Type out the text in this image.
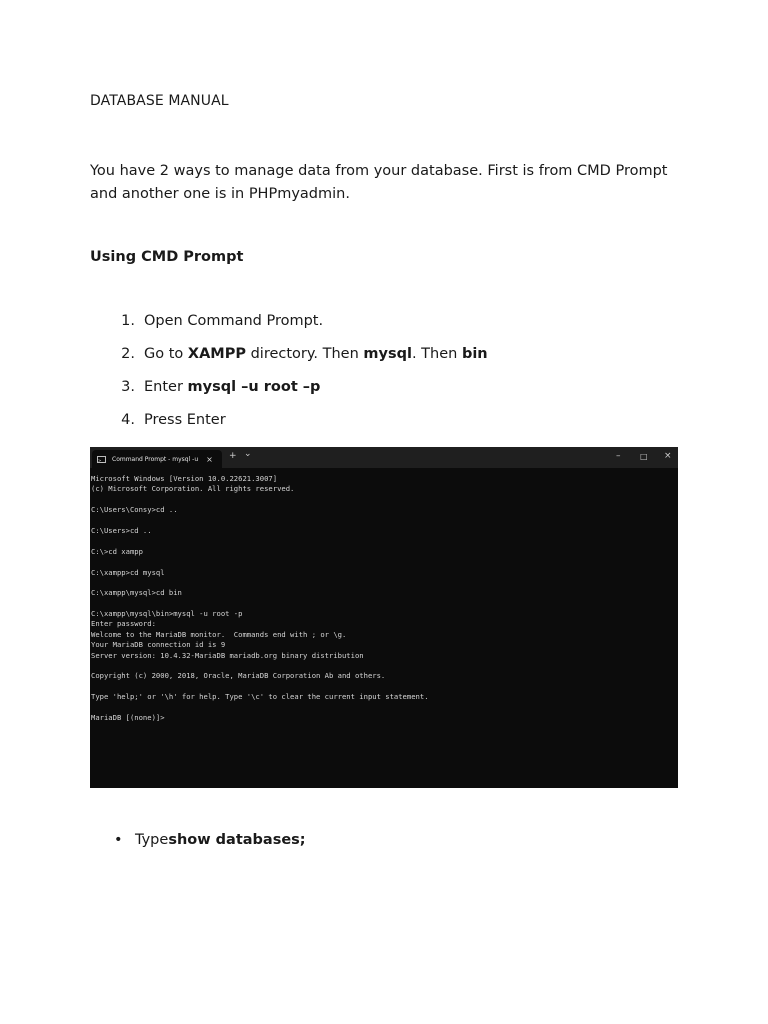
DATABASE MANUAL
You have 2 ways to manage data from your database. First is from CMD Prompt and another one is in PHPmyadmin.
Using CMD Prompt
1. Open Command Prompt.
2. Go to XAMPP directory. Then mysql. Then bin
3. Enter mysql –u root –p
4. Press Enter
>_	Command Prompt - mysql -u × + ⌄	– □ ×
Microsoft Windows [Version 10.0.22621.3007]
(c) Microsoft Corporation. All rights reserved.
C:\Users\Consy>cd ..
C:\Users>cd ..
C:\>cd xampp
C:\xampp>cd mysql
C:\xampp\mysql>cd bin
C:\xampp\mysql\bin>mysql -u root -p
Enter password:
Welcome to the MariaDB monitor.  Commands end with ; or \g.
Your MariaDB connection id is 9
Server version: 10.4.32-MariaDB mariadb.org binary distribution
Copyright (c) 2000, 2018, Oracle, MariaDB Corporation Ab and others.
Type 'help;' or '\h' for help. Type '\c' to clear the current input statement.
MariaDB [(none)]>
• Type show databases;
